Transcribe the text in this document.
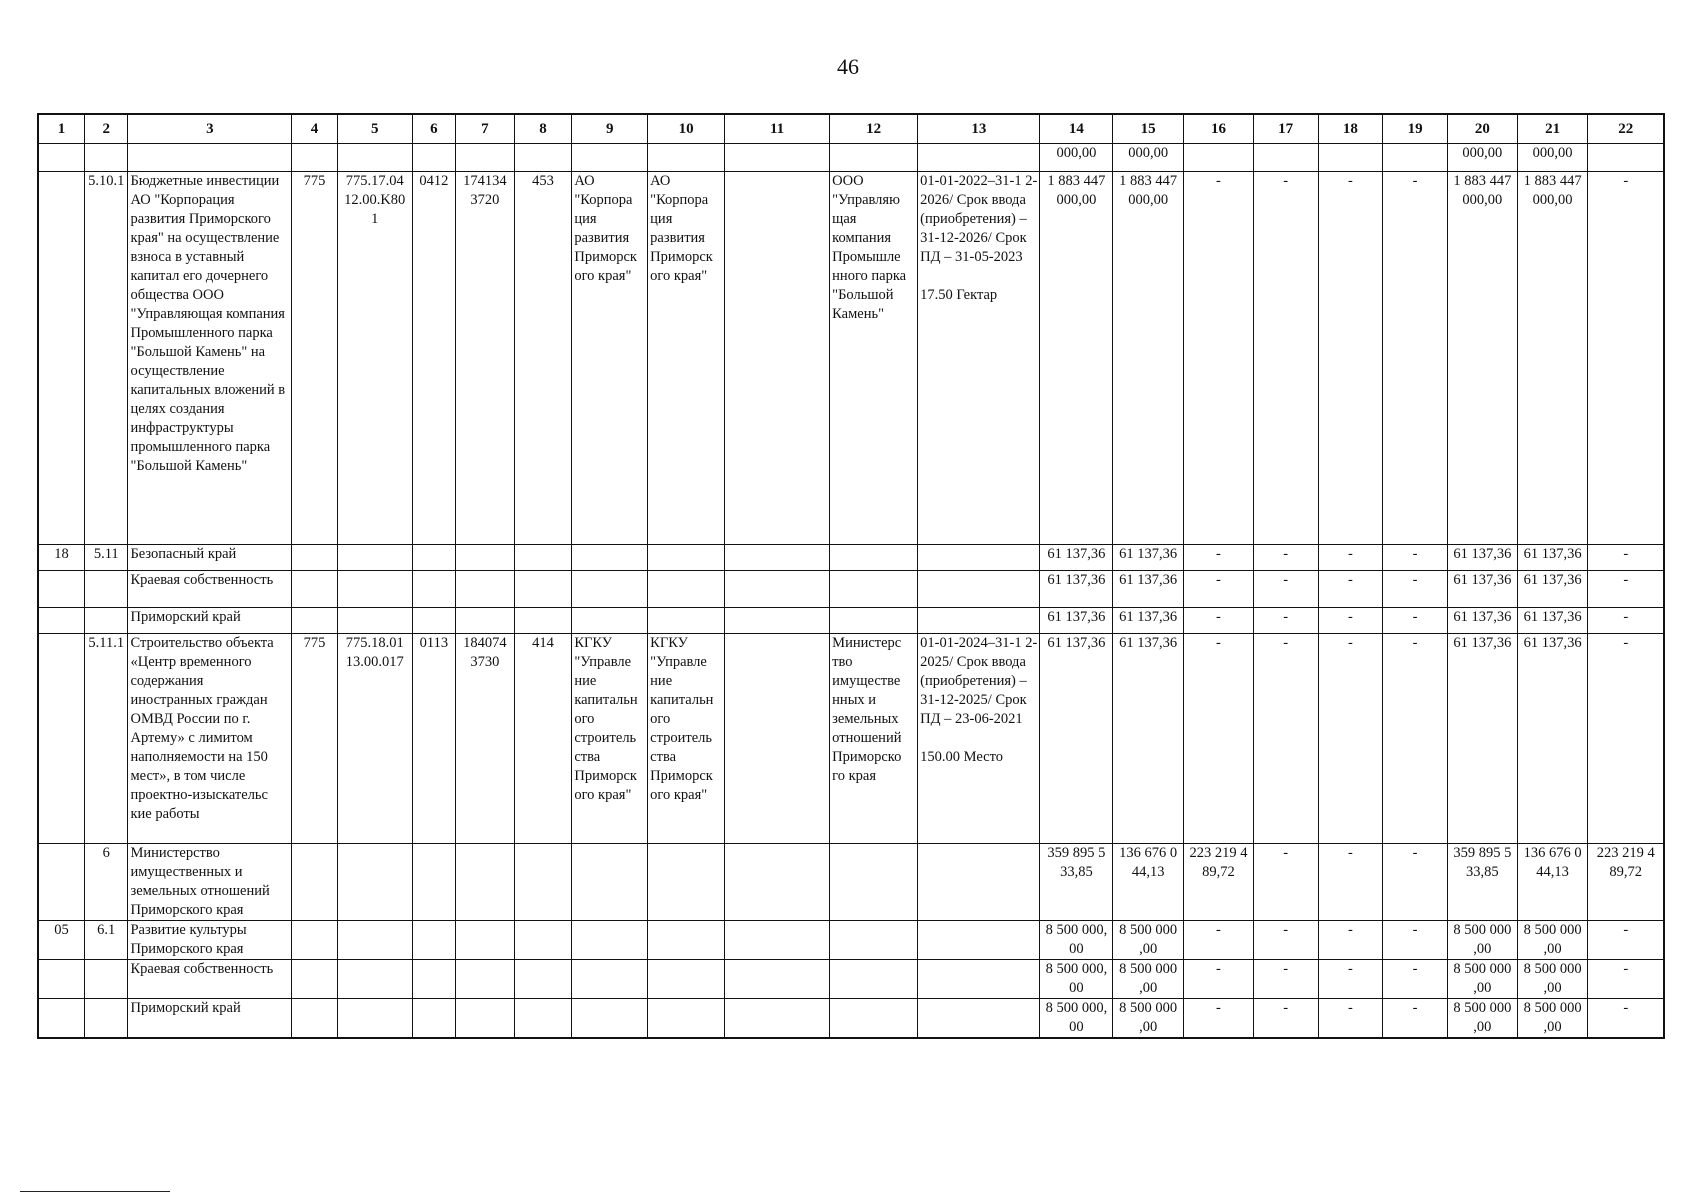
46
1	2	3	4	5	6	7	8	9	10	11	12	13	14	15	16	17	18	19	20	21	22
													000,00	000,00					000,00	000,00	
	5.10.1	Бюджетные инвестиции АО "Корпорация развития Приморского края" на осуществление взноса в уставный капитал его дочернего общества ООО "Управляющая компания Промышленного парка "Большой Камень" на осуществление капитальных вложений в целях создания инфраструктуры промышленного парка "Большой Камень"	775	775.17.04 12.00.K80 1	0412	174134 3720	453	АО "Корпора ция развития Приморск ого края"	АО "Корпора ция развития Приморск ого края"		ООО "Управляю щая компания Промышле нного парка "Большой Камень"	01-01-2022–31-1 2-2026/ Срок ввода (приобретения) – 31-12-2026/ Срок ПД – 31-05-2023

17.50 Гектар	1 883 447 000,00	1 883 447 000,00	-	-	-	-	1 883 447 000,00	1 883 447 000,00	-
18	5.11	Безопасный край											61 137,36	61 137,36	-	-	-	-	61 137,36	61 137,36	-
		Краевая собственность											61 137,36	61 137,36	-	-	-	-	61 137,36	61 137,36	-
		Приморский край											61 137,36	61 137,36	-	-	-	-	61 137,36	61 137,36	-
	5.11.1	Строительство объекта «Центр временного содержания иностранных граждан ОМВД России по г. Артему» с лимитом наполняемости на 150 мест», в том числе проектно-изыскательс кие работы	775	775.18.01 13.00.017	0113	184074 3730	414	КГКУ "Управле ние капитальн ого строитель ства Приморск ого края"	КГКУ "Управле ние капитальн ого строитель ства Приморск ого края"		Министерс тво имуществе нных и земельных отношений Приморско го края	01-01-2024–31-1 2-2025/ Срок ввода (приобретения) – 31-12-2025/ Срок ПД – 23-06-2021

150.00 Место	61 137,36	61 137,36	-	-	-	-	61 137,36	61 137,36	-
	6	Министерство имущественных и земельных отношений Приморского края											359 895 5 33,85	136 676 0 44,13	223 219 4 89,72	-	-	-	359 895 5 33,85	136 676 0 44,13	223 219 4 89,72
05	6.1	Развитие культуры Приморского края											8 500 000, 00	8 500 000 ,00	-	-	-	-	8 500 000 ,00	8 500 000 ,00	-
		Краевая собственность											8 500 000, 00	8 500 000 ,00	-	-	-	-	8 500 000 ,00	8 500 000 ,00	-
		Приморский край											8 500 000, 00	8 500 000 ,00	-	-	-	-	8 500 000 ,00	8 500 000 ,00	-
